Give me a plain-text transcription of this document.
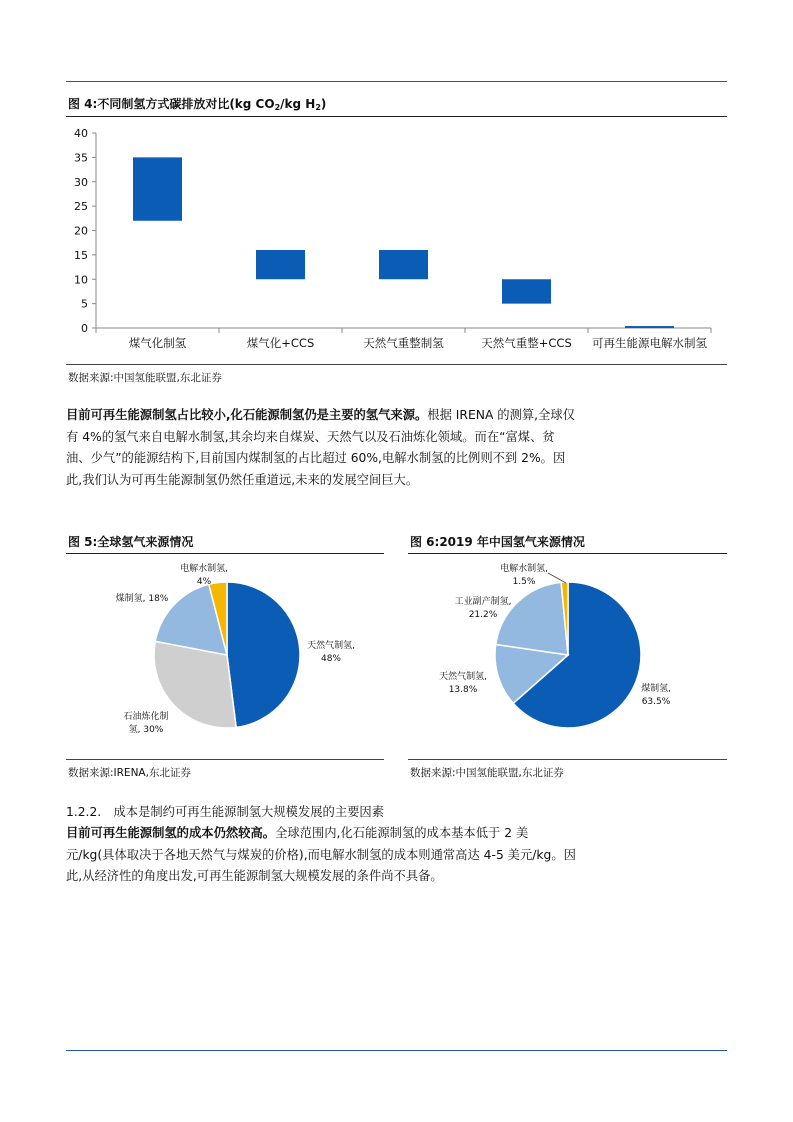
图 4:不同制氢方式碳排放对比(kg $CO_2/kg$ $H_2$)
0
5
10
15
20
25
30
35
40
煤气化制氢	煤气化+CCS	天然气重整制氢	天然气重整+CCS 可再生能源电解水制氢
数据来源:中国氢能联盟,东北证券

目前可再生能源制氢占比较小,化石能源制氢仍是主要的氢气来源。根据 IRENA 的测算,全球仅有 4%的氢气来自电解水制氢,其余均来自煤炭、天然气以及石油炼化领域。而在“富煤、贫油、少气”的能源结构下,目前国内煤制氢的占比超过 60%,电解水制氢的比例则不到 2%。因此,我们认为可再生能源制氢仍然任重道远,未来的发展空间巨大。

图 5:全球氢气来源情况
天然气制氢,
48%
石油炼化制
氢, 30%
煤制氢, 18%
电解水制氢,
4%
数据来源:IRENA,东北证券
图 6:2019 年中国氢气来源情况
煤制氢,
63.5%
天然气制氢,
13.8%
工业副产制氢,
21.2%
电解水制氢,
1.5%
数据来源:中国氢能联盟,东北证券
1.2.2.　成本是制约可再生能源制氢大规模发展的主要因素

目前可再生能源制氢的成本仍然较高。全球范围内,化石能源制氢的成本基本低于 2 美元/kg(具体取决于各地天然气与煤炭的价格),而电解水制氢的成本则通常高达 4-5 美元/kg。因此,从经济性的角度出发,可再生能源制氢大规模发展的条件尚不具备。
